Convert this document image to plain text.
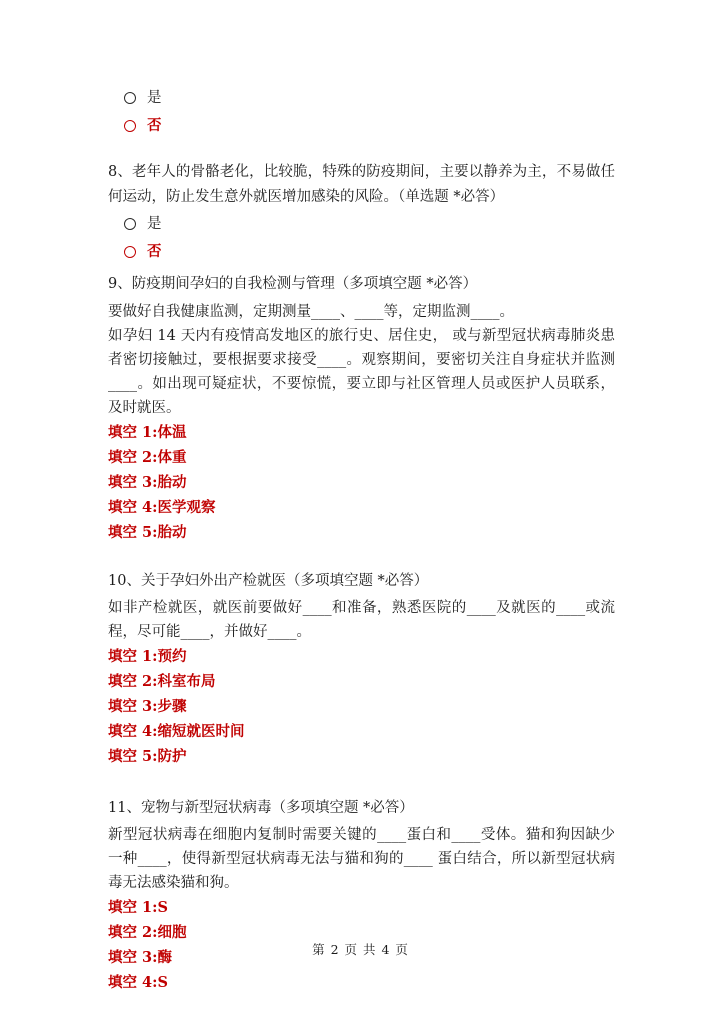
是
否

8、老年人的骨骼老化，比较脆，特殊的防疫期间，主要以静养为主，不易做任何运动，防止发生意外就医增加感染的风险。（单选题 *必答）

是
否

9、防疫期间孕妇的自我检测与管理（多项填空题 *必答）

要做好自我健康监测，定期测量____、____等，定期监测____。

如孕妇 14 天内有疫情高发地区的旅行史、居住史， 或与新型冠状病毒肺炎患者密切接触过，要根据要求接受____。观察期间，要密切关注自身症状并监测____。如出现可疑症状，不要惊慌，要立即与社区管理人员或医护人员联系， 及时就医。

填空 1:体温

填空 2:体重

填空 3:胎动

填空 4:医学观察

填空 5:胎动

10、关于孕妇外出产检就医（多项填空题 *必答）

如非产检就医，就医前要做好____和准备，熟悉医院的____及就医的____或流程，尽可能____，并做好____。

填空 1:预约

填空 2:科室布局

填空 3:步骤

填空 4:缩短就医时间

填空 5:防护

11、宠物与新型冠状病毒（多项填空题 *必答）

新型冠状病毒在细胞内复制时需要关键的____蛋白和____受体。猫和狗因缺少一种____，使得新型冠状病毒无法与猫和狗的____ 蛋白结合，所以新型冠状病毒无法感染猫和狗。

填空 1:S

填空 2:细胞

填空 3:酶

填空 4:S

第 2 页 共 4 页
